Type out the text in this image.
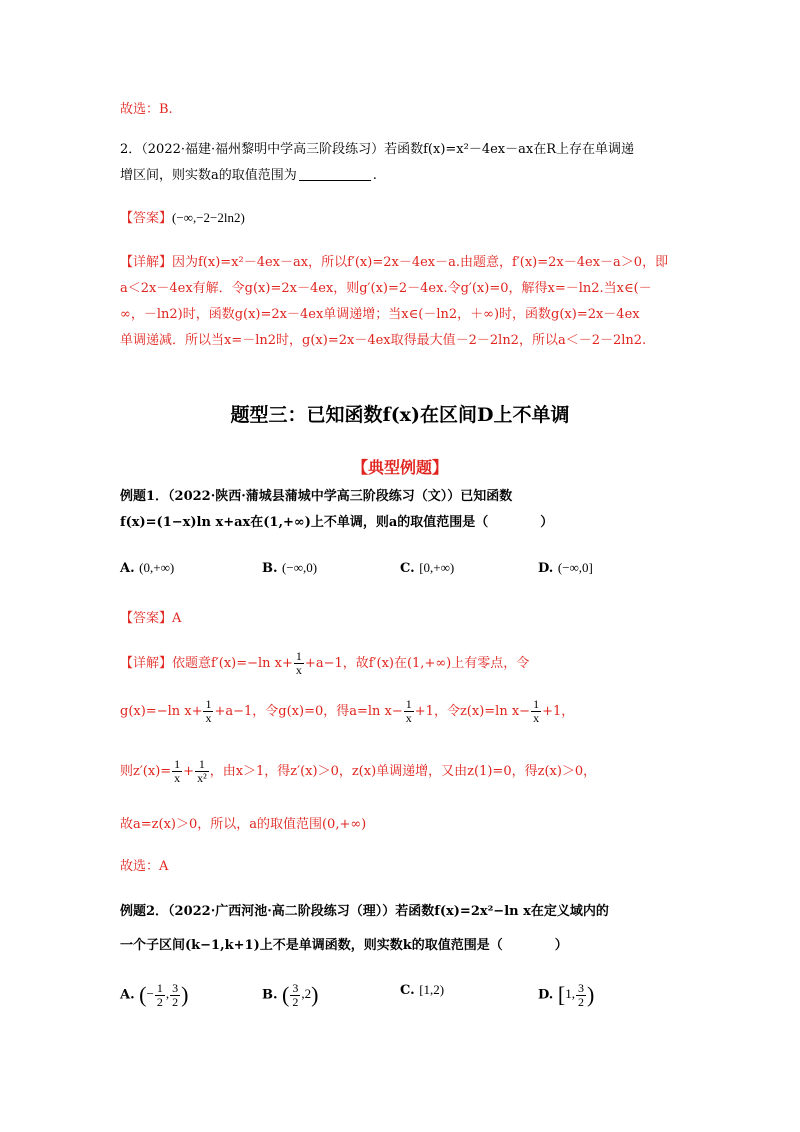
故选：B.
2．（2022·福建·福州黎明中学高三阶段练习）若函数f(x)=x²－4ex－ax在R上存在单调递
增区间，则实数a的取值范围为	.
【答案】(−∞,−2−2ln2)
【详解】因为f(x)=x²－4ex－ax，所以f′(x)=2x－4ex－a.由题意，f′(x)=2x－4ex－a＞0，即
a＜2x－4ex有解．令g(x)=2x－4ex，则g′(x)=2－4ex.令g′(x)=0，解得x=－ln2.当x∈(－
∞，－ln2)时，函数g(x)=2x－4ex单调递增；当x∈(－ln2，＋∞)时，函数g(x)=2x－4ex
单调递减．所以当x=－ln2时，g(x)=2x－4ex取得最大值－2－2ln2，所以a＜－2－2ln2.
题型三：已知函数f(x)在区间D上不单调
【典型例题】
例题1．（2022·陕西·蒲城县蒲城中学高三阶段练习（文））已知函数
f(x)=(1−x)ln x+ax在(1,+∞)上不单调，则a的取值范围是（　　　　）
A. (0,+∞)	B. (−∞,0)	C. [0,+∞)	D. (−∞,0]
【答案】A
【详解】依题意f′(x)=−ln $x+ \frac{1}{x} +a-1$，故f′(x)在(1,+∞)上有零点，令
g(x)=−ln $x+ \frac{1}{x} +a-1$，令g(x)=0，得a=ln $x- \frac{1}{x} +1$，令z(x)=ln $x- \frac{1}{x} +1$，
则$z'(x)= \frac{1}{x} + \frac{1}{\text{x²}}$ ，由x＞1，得z′(x)＞0，z(x)单调递增，又由z(1)=0，得z(x)＞0，
故a=z(x)＞0，所以，a的取值范围(0,+∞)
故选：A
例题2．（2022·广西河池·高二阶段练习（理））若函数f(x)=2x²−ln x在定义域内的
一个子区间(k−1,k+1)上不是单调函数，则实数k的取值范围是（　　　　）
A. (− $\frac{1}{2}$ , $\frac{3}{2}$ )	B. ( $\frac{3}{2} ,2$)	C. [1,2)	D. [1, $\frac{3}{2}$ )
